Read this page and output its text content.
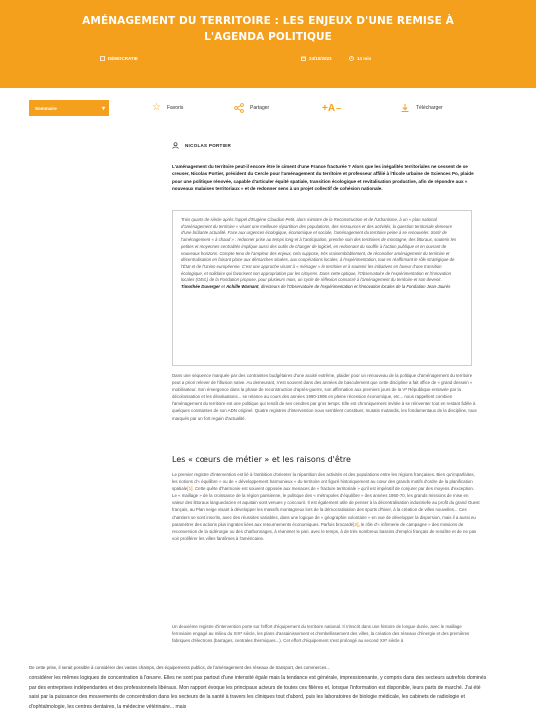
AMÉNAGEMENT DU TERRITOIRE : LES ENJEUX D'UNE REMISE À L'AGENDA POLITIQUE
DÉMOCRATIE	24/10/2023	14 min
Sommaire	▾	☆ Favoris	Partager	+A –	Télécharger
NICOLAS PORTIER
L'aménagement du territoire peut-il encore être le ciment d'une France fracturée ? Alors que les inégalités territoriales ne cessent de se creuser, Nicolas Portier, président du Cercle pour l'aménagement du territoire et professeur affilié à l'École urbaine de Sciences Po, plaide pour une politique rénovée, capable d'articuler équité spatiale, transition écologique et revitalisation productive, afin de répondre aux « nouveaux malaises territoriaux » et de redonner sens à un projet collectif de cohésion nationale.
Trois quarts de siècle après l'appel d'Eugène Claudius-Petit, alors ministre de la Reconstruction et de l'Urbanisme, à un « plan national d'aménagement du territoire » visant une meilleure répartition des populations, des ressources et des activités, la question territoriale demeure d'une brûlante actualité. Face aux urgences écologique, économique et sociale, l'aménagement du territoire peine à se renouveler. Sortir de l'aménagement « à chaud » : redonner prise au temps long et à l'anticipation, prendre soin des territoires de montagne, des littoraux, soutenir les petites et moyennes centralités implique aussi des outils de changer de logiciel, en redonnant du souffle à l'action publique et en ouvrant de nouveaux horizons. Compte tenu de l'ampleur des enjeux, cela suppose, très vraisemblablement, de réconcilier aménagement du territoire et décentralisation en faisant place aux démarches situées, aux coopérations locales, à l'expérimentation, tout en réaffirmant le rôle stratégique de l'État et de l'Union européenne. C'est une approche visant à « ménager » le territoire et à soutenir les initiatives en faveur d'une transition écologique, et solidaire qui favorisent son appropriation par les citoyens. Dans cette optique, l'Observatoire de l'expérimentation et l'innovation locales (OEIL) de la Fondation propose, pour plusieurs mois, un cycle de réflexion consacré à l'aménagement du territoire et son devenir.
Timothée Duverger et Achille Warnant, directeurs de l'Observatoire de l'expérimentation et l'innovation locales de la Fondation Jean-Jaurès
Dans une séquence marquée par des contraintes budgétaires d'une acuité extrême, plaider pour un renouveau de la politique d'aménagement du territoire peut a priori relever de l'illusion naïve. Au demeurant, n'est souvent dans des années de basculement que cette discipline a fait office de « grand dessein » mobilisateur. Son émergence dans la phase de reconstruction d'après-guerre, son affirmation aux premiers jours de la Vᵉ République entravée par la décolonisation et les dévaluations... se relance au cours des années 1990-1995 en pleine récession économique, etc... nous rappellent combien l'aménagement du territoire est une politique qui renaît de ses cendres par gros temps. Elle est chroniquement invitée à se réinventer tout en restant fidèle à quelques constantes de son ADN originel. Quatre registres d'intervention nous semblent constituer, mutatis mutandis, les fondamentaux de la discipline, tous marqués par un fort regain d'actualité.
Les « cœurs de métier » et les raisons d'être
Le premier registre d'intervention est lié à l'ambition d'orienter la répartition des activités et des populations entre les régions françaises. Bien qu'imparfaites, les notions d'« équilibre » ou de « développement harmonieux » du territoire ont figuré historiquement au cœur des grands motifs d'ordre de la planification spatiale[1]. Cette quête d'harmonie est souvent opposée aux menaces de « fracture territoriale » qu'il est impératif de conjurer par des moyens d'exception. Le « maillage » de la croissance de la région parisienne, le politique des « métropoles d'équilibre » des années 1960-70, les grands missions de mise en valeur des littoraux languedocien et aquitain sont venues y concourir. Il est également utile de penser à la décentralisation industrielle au profit du grand Ouest français, au Plan neige visant à développer les massifs montagneux lors de la démocratisation des sports d'hiver, à la création de villes nouvelles... Ces chantiers se sont inscrits, avec des réussites variables, dans une logique de « géographie volontaire » en vue de développer la dispersion, mais il a aussi eu paramétrer des actions plus ingrates liées aux retournements économiques. Parfois brocardé[2], le rôle d'« infirmerie de campagne » des missions de reconversion de la sidérurgie ou des charbonnages, à réanimer le pari, avec le temps, à de très nombreux bassins d'emploi français de renaître et de ne pas voir proliférer les villes fantômes à l'américaine.
Un deuxième registre d'intervention porte sur l'effort d'équipement du territoire national. Il s'inscrit dans une histoire de longue durée, avec le maillage ferroviaire engagé au milieu du XIXᵉ siècle, les plans d'assainissement et d'embellissement des villes, la création des réseaux d'énergie et des premières fabriques d'électrons (barrages, centrales thermiques...). Cet effort d'équipement s'est prolongé au second XXᵉ siècle à
De cette prise, il serait possible à considérer des vastes champs, des équipements publics, de l'aménagement des réseaux de transport, des commerces...
considérer les mêmes logiques de concentration à l'œuvre. Elles ne sont pas partout d'une intensité égale mais la tendance est générale, impressionnante, y compris dans des secteurs autrefois dominés par des entreprises indépendantes et des professionnels libéraux. Mon rapport évoque les principaux acteurs de toutes ces filières et, lorsque l'information est disponible, leurs parts de marché. J'ai été saisi par la puissance des mouvements de concentration dans les secteurs de la santé à travers les cliniques tout d'abord, puis les laboratoires de biologie médicale, les cabinets de radiologie et d'ophtalmologie, les centres dentaires, la médecine vétérinaire... mais
